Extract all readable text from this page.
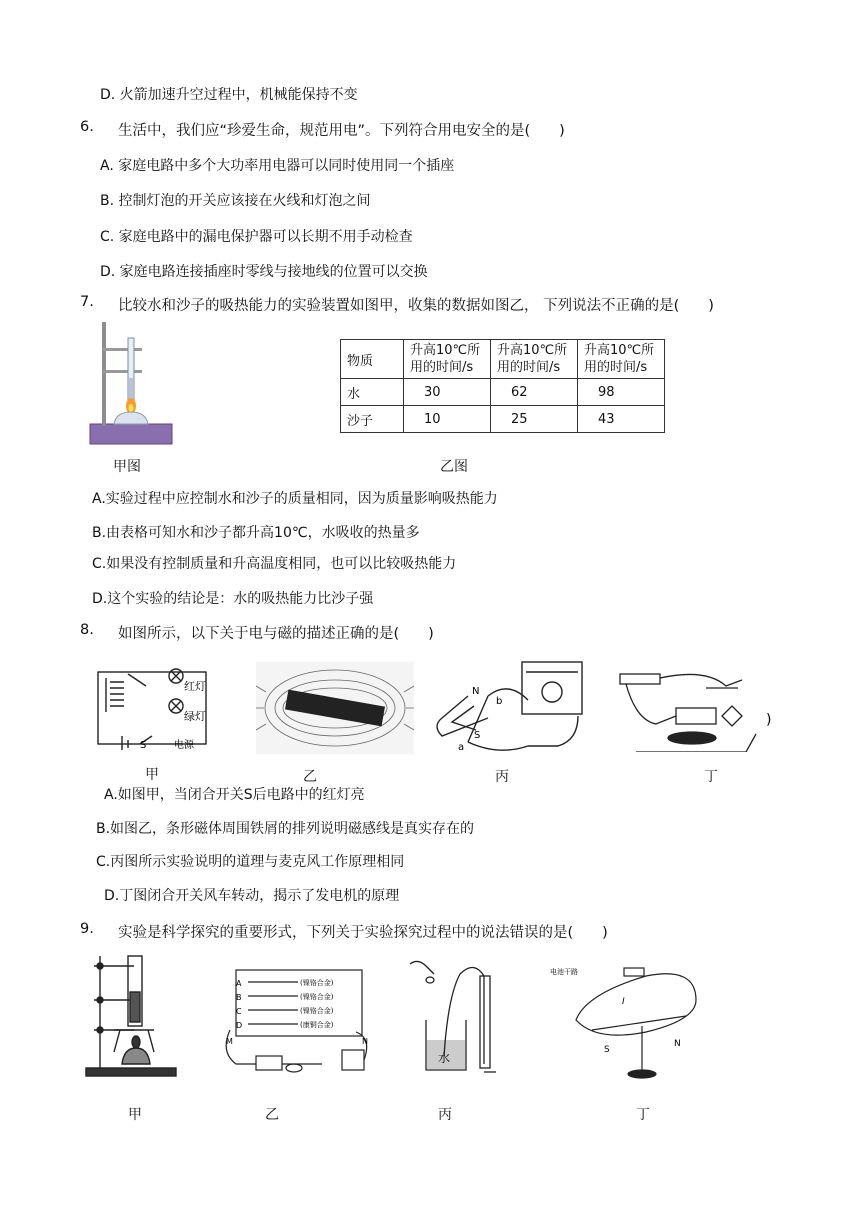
D. 火箭加速升空过程中，机械能保持不变
6. 生活中，我们应“珍爱生命，规范用电”。下列符合用电安全的是(　　)
A. 家庭电路中多个大功率用电器可以同时使用同一个插座
B. 控制灯泡的开关应该接在火线和灯泡之间
C. 家庭电路中的漏电保护器可以长期不用手动检查
D. 家庭电路连接插座时零线与接地线的位置可以交换
7. 比较水和沙子的吸热能力的实验装置如图甲，收集的数据如图乙， 下列说法不正确的是(　　)
甲图
物质	升高10℃所用的时间/s	升高10℃所用的时间/s	升高10℃所用的时间/s
水	30	62	98
沙子	10	25	43
乙图
A.实验过程中应控制水和沙子的质量相同，因为质量影响吸热能力
B.由表格可知水和沙子都升高10℃，水吸收的热量多
C.如果没有控制质量和升高温度相同，也可以比较吸热能力
D.这个实验的结论是：水的吸热能力比沙子强
8. 如图所示，以下关于电与磁的描述正确的是(　　)
红灯
绿灯
S	电源
甲	乙
N
S
b
a
丙
)
丁
A.如图甲，当闭合开关S后电路中的红灯亮
B.如图乙，条形磁体周围铁屑的排列说明磁感线是真实存在的
C.丙图所示实验说明的道理与麦克风工作原理相同
D.丁图闭合开关风车转动，揭示了发电机的原理
9. 实验是科学探究的重要形式，下列关于实验探究过程中的说法错误的是(　　)
甲
A
B
C
D
(镍铬合金)
(镍铬合金)
(镍铬合金)
(康铜合金)
M	N
乙
水
丙
电池干路
I
S
N
丁
